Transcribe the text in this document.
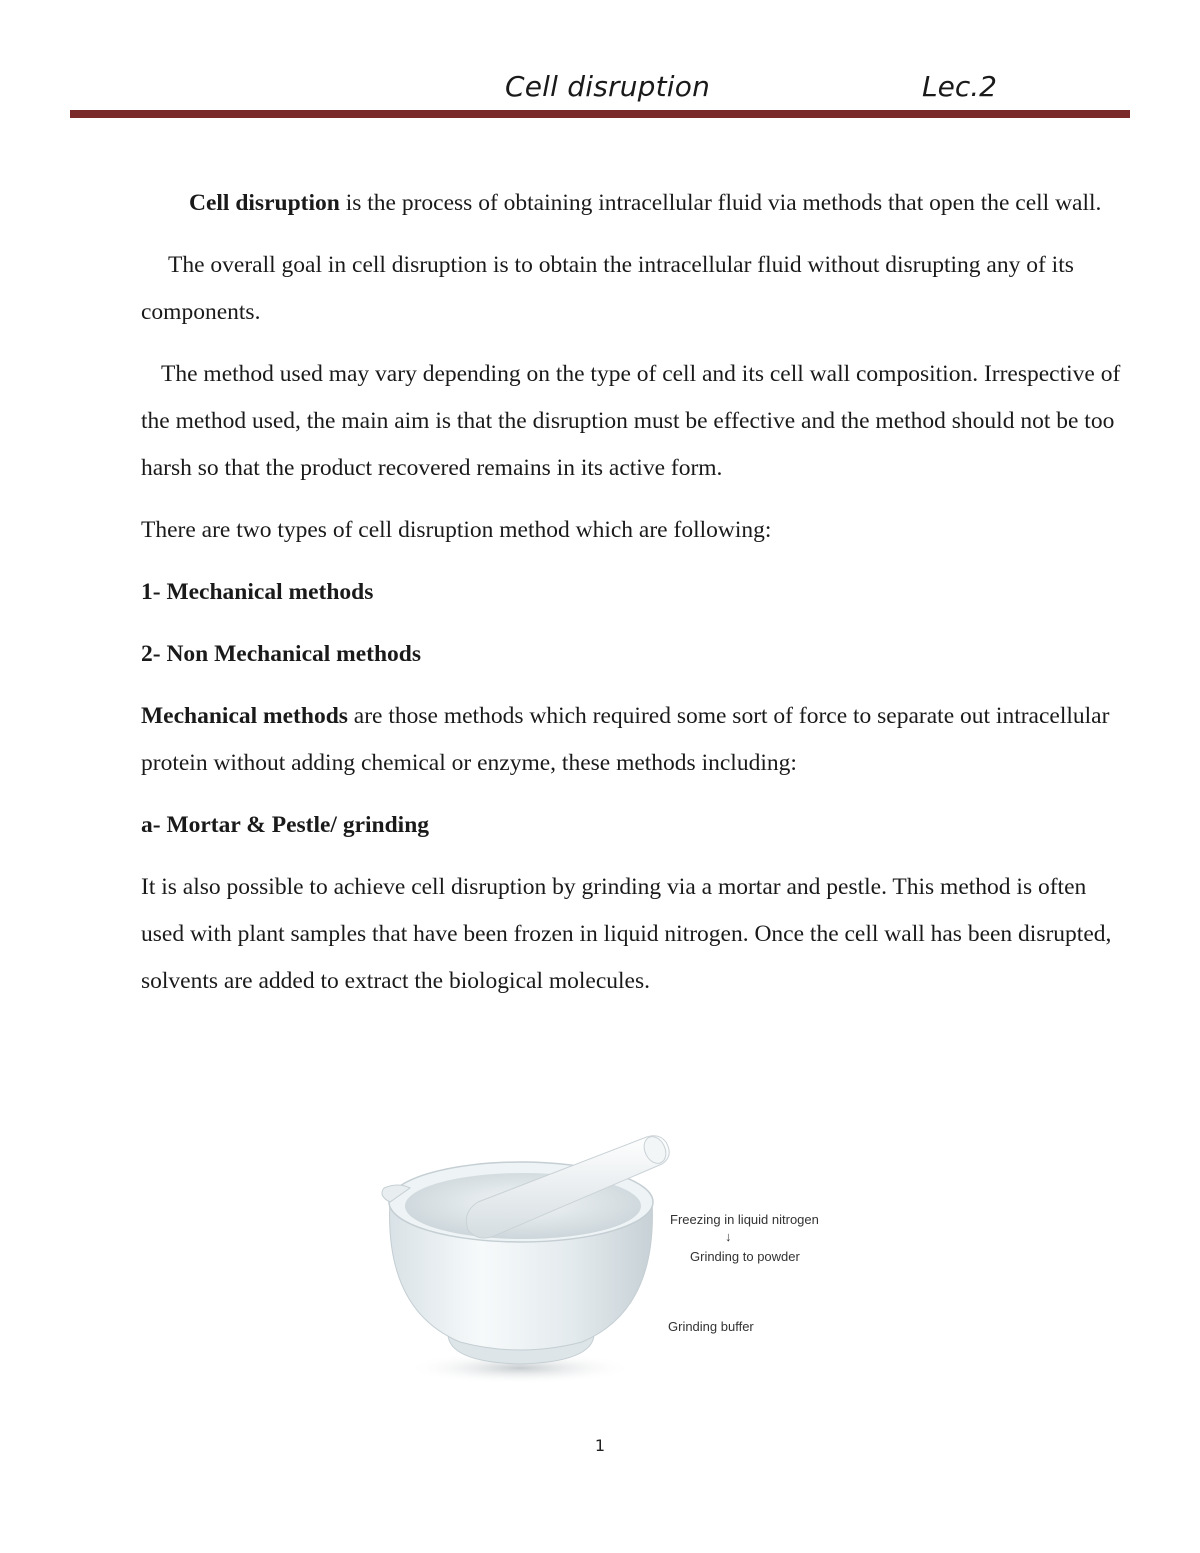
Cell disruption	Lec.2

Cell disruption is the process of obtaining intracellular fluid via methods that open the cell wall.

The overall goal in cell disruption is to obtain the intracellular fluid without disrupting any of its components.

The method used may vary depending on the type of cell and its cell wall composition. Irrespective of the method used, the main aim is that the disruption must be effective and the method should not be too harsh so that the product recovered remains in its active form.

There are two types of cell disruption method which are following:

1- Mechanical methods

2- Non Mechanical methods

Mechanical methods are those methods which required some sort of force to separate out intracellular protein without adding chemical or enzyme, these methods including:

a- Mortar & Pestle/ grinding

It is also possible to achieve cell disruption by grinding via a mortar and pestle. This method is often used with plant samples that have been frozen in liquid nitrogen. Once the cell wall has been disrupted, solvents are added to extract the biological molecules.

Freezing in liquid nitrogen
↓
Grinding to powder
Grinding buffer
1
